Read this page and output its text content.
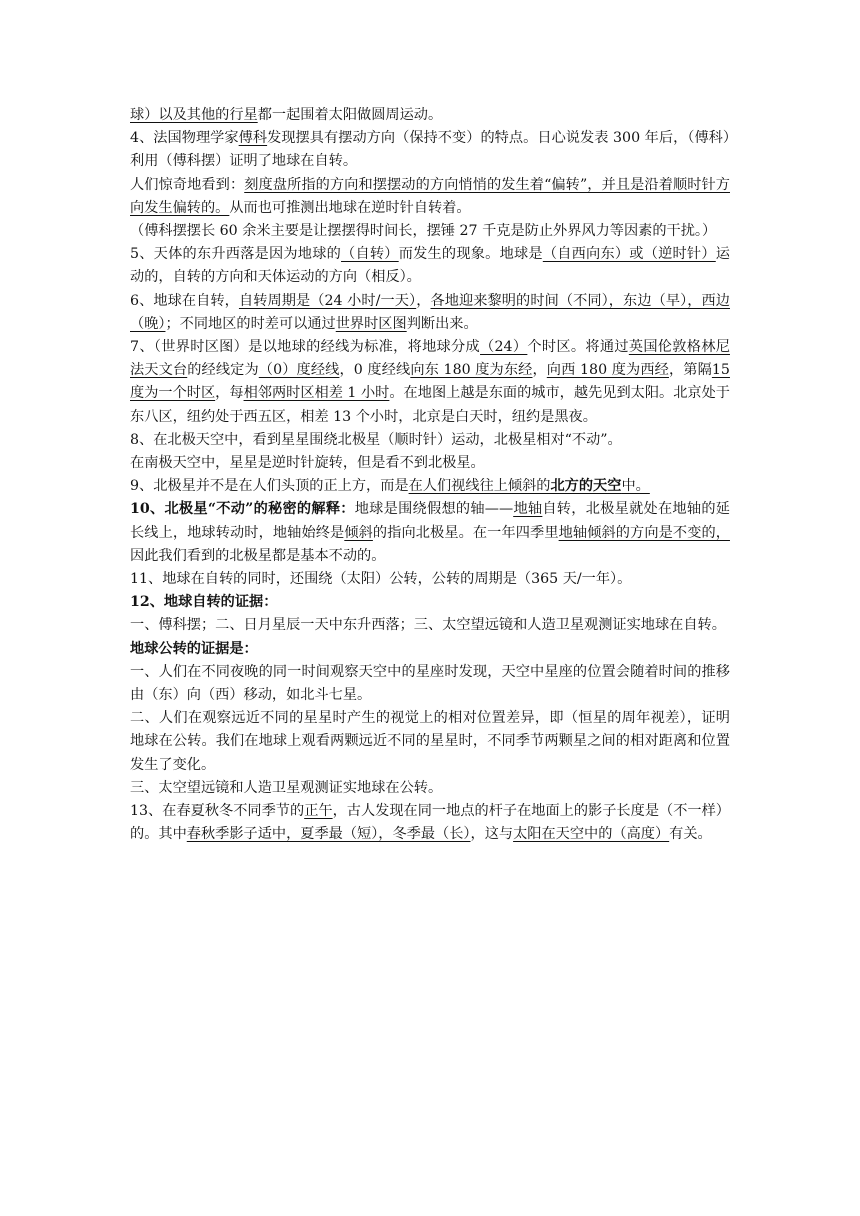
球）以及其他的行星都一起围着太阳做圆周运动。

4、法国物理学家傅科发现摆具有摆动方向（保持不变）的特点。日心说发表 300 年后，（傅科）利用（傅科摆）证明了地球在自转。

人们惊奇地看到：刻度盘所指的方向和摆摆动的方向悄悄的发生着“偏转”，并且是沿着顺时针方向发生偏转的。从而也可推测出地球在逆时针自转着。

（傅科摆摆长 60 余米主要是让摆摆得时间长，摆锤 27 千克是防止外界风力等因素的干扰。）

5、天体的东升西落是因为地球的（自转）而发生的现象。地球是（自西向东）或（逆时针）运动的，自转的方向和天体运动的方向（相反）。

6、地球在自转，自转周期是（24 小时/一天），各地迎来黎明的时间（不同），东边（早），西边（晚）；不同地区的时差可以通过世界时区图判断出来。

7、（世界时区图）是以地球的经线为标准，将地球分成（24）个时区。将通过英国伦敦格林尼法天文台的经线定为（0）度经线，0 度经线向东 180 度为东经，向西 180 度为西经，第隔15 度为一个时区，每相邻两时区相差 1 小时。在地图上越是东面的城市，越先见到太阳。北京处于东八区，纽约处于西五区，相差 13 个小时，北京是白天时，纽约是黑夜。

8、在北极天空中，看到星星围绕北极星（顺时针）运动，北极星相对“不动”。

在南极天空中，星星是逆时针旋转，但是看不到北极星。

9、北极星并不是在人们头顶的正上方，而是在人们视线往上倾斜的北方的天空中。

10、北极星“不动”的秘密的解释：地球是围绕假想的轴——地轴自转，北极星就处在地轴的延长线上，地球转动时，地轴始终是倾斜的指向北极星。在一年四季里地轴倾斜的方向是不变的，因此我们看到的北极星都是基本不动的。

11、地球在自转的同时，还围绕（太阳）公转，公转的周期是（365 天/一年）。

12、地球自转的证据：

一、傅科摆；二、日月星辰一天中东升西落；三、太空望远镜和人造卫星观测证实地球在自转。

地球公转的证据是：

一、人们在不同夜晚的同一时间观察天空中的星座时发现，天空中星座的位置会随着时间的推移由（东）向（西）移动，如北斗七星。

二、人们在观察远近不同的星星时产生的视觉上的相对位置差异，即（恒星的周年视差），证明地球在公转。我们在地球上观看两颗远近不同的星星时，不同季节两颗星之间的相对距离和位置发生了变化。

三、太空望远镜和人造卫星观测证实地球在公转。

13、在春夏秋冬不同季节的正午，古人发现在同一地点的杆子在地面上的影子长度是（不一样）的。其中春秋季影子适中，夏季最（短），冬季最（长），这与太阳在天空中的（高度）有关。
